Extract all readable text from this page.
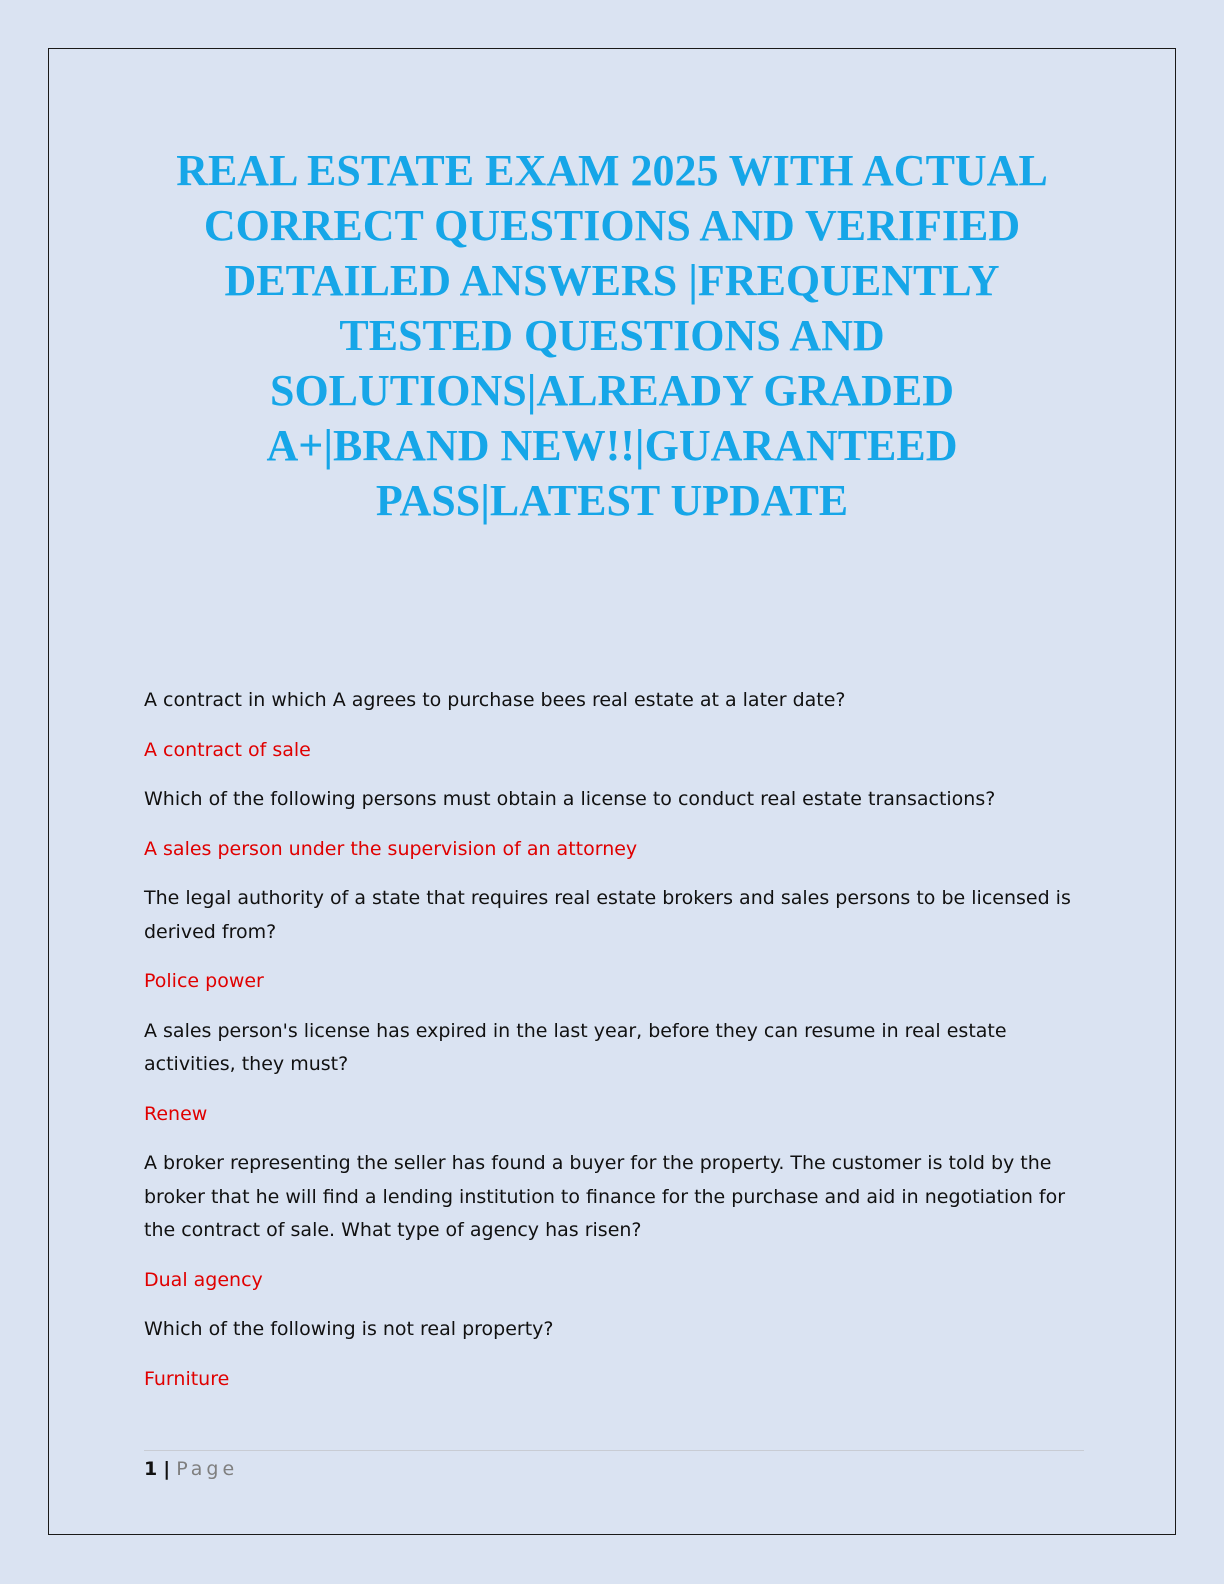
REAL ESTATE EXAM 2025 WITH ACTUAL
CORRECT QUESTIONS AND VERIFIED
DETAILED ANSWERS |FREQUENTLY
TESTED QUESTIONS AND
SOLUTIONS|ALREADY GRADED
A+|BRAND NEW!!|GUARANTEED
PASS|LATEST UPDATE

A contract in which A agrees to purchase bees real estate at a later date?

A contract of sale

Which of the following persons must obtain a license to conduct real estate transactions?

A sales person under the supervision of an attorney

The legal authority of a state that requires real estate brokers and sales persons to be licensed is derived from?

Police power

A sales person's license has expired in the last year, before they can resume in real estate activities, they must?

Renew

A broker representing the seller has found a buyer for the property. The customer is told by the broker that he will find a lending institution to finance for the purchase and aid in negotiation for the contract of sale. What type of agency has risen?

Dual agency

Which of the following is not real property?

Furniture

1 | Page
